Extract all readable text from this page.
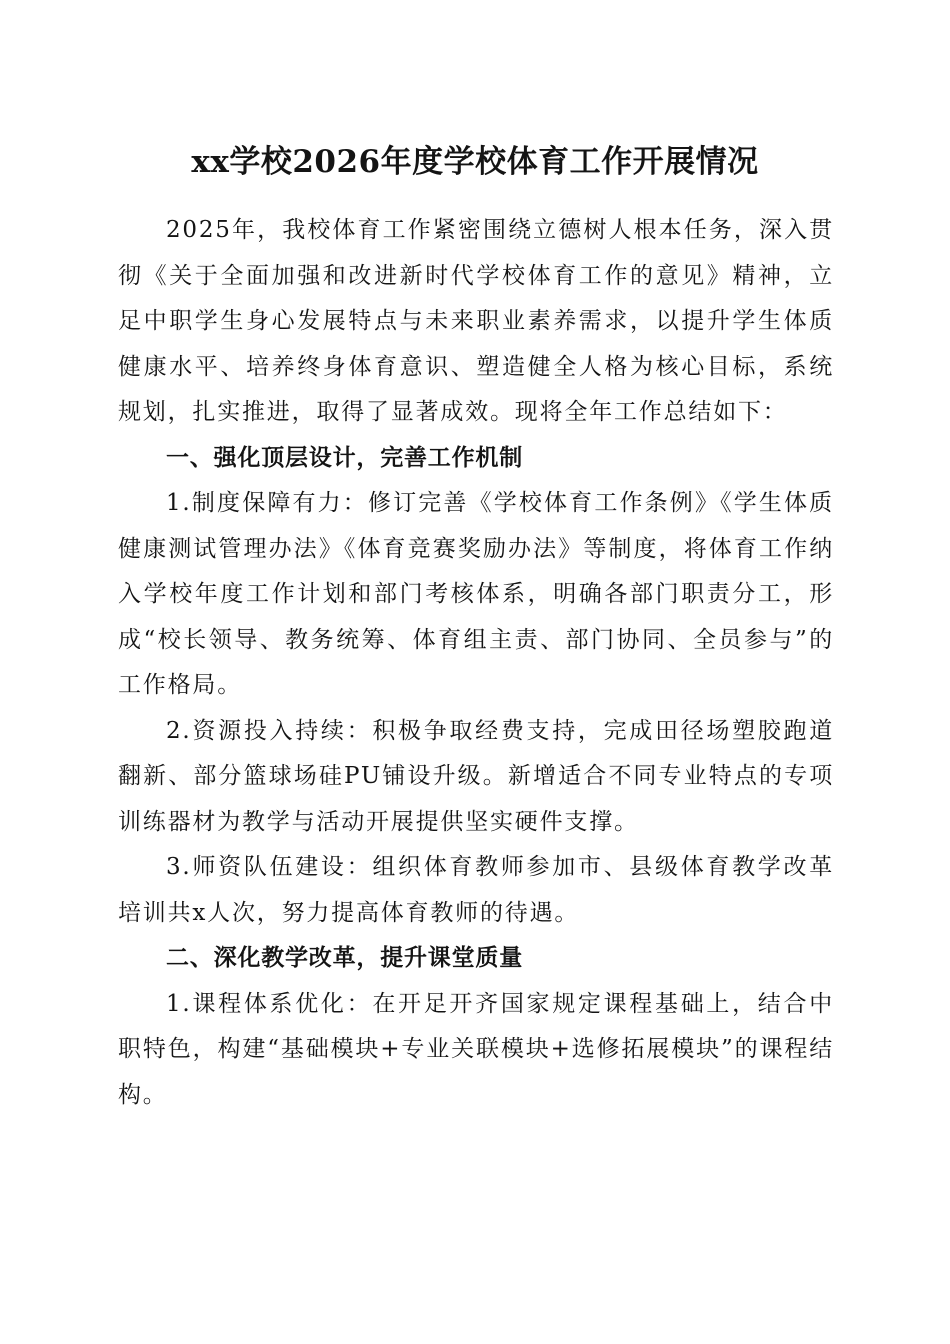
xx学校2026年度学校体育工作开展情况

2025年，我校体育工作紧密围绕立德树人根本任务，深入贯彻《关于全面加强和改进新时代学校体育工作的意见》精神，立足中职学生身心发展特点与未来职业素养需求，以提升学生体质健康水平、培养终身体育意识、塑造健全人格为核心目标，系统规划，扎实推进，取得了显著成效。现将全年工作总结如下：

一、强化顶层设计，完善工作机制

1.制度保障有力：修订完善《学校体育工作条例》《学生体质健康测试管理办法》《体育竞赛奖励办法》等制度，将体育工作纳入学校年度工作计划和部门考核体系，明确各部门职责分工，形成“校长领导、教务统筹、体育组主责、部门协同、全员参与”的工作格局。

2.资源投入持续：积极争取经费支持，完成田径场塑胶跑道翻新、部分篮球场硅PU铺设升级。新增适合不同专业特点的专项训练器材为教学与活动开展提供坚实硬件支撑。

3.师资队伍建设：组织体育教师参加市、县级体育教学改革培训共x人次，努力提高体育教师的待遇。

二、深化教学改革，提升课堂质量

1.课程体系优化：在开足开齐国家规定课程基础上，结合中职特色，构建“基础模块+专业关联模块+选修拓展模块”的课程结构。
